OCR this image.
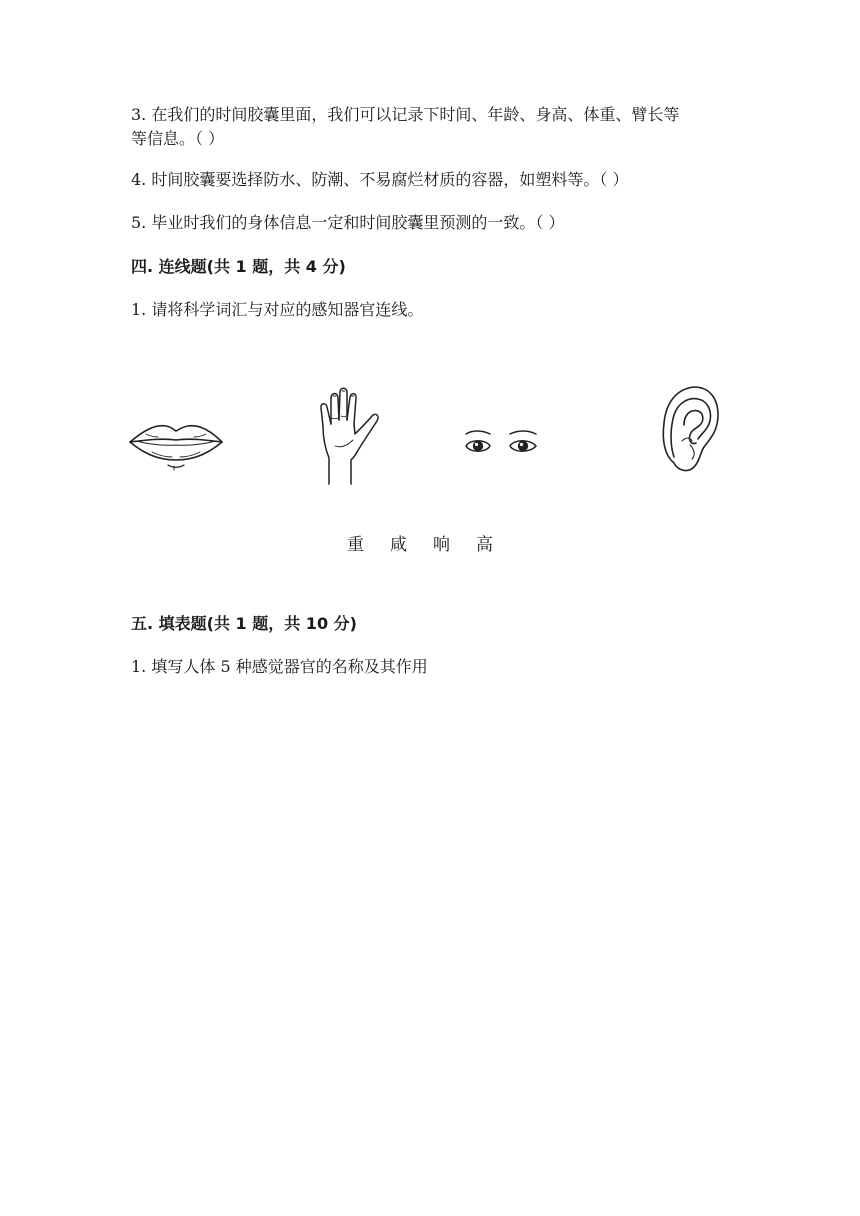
3. 在我们的时间胶囊里面，我们可以记录下时间、年龄、身高、体重、臂长等
等信息。（ ）
4. 时间胶囊要选择防水、防潮、不易腐烂材质的容器，如塑料等。（ ）
5. 毕业时我们的身体信息一定和时间胶囊里预测的一致。（ ）
四. 连线题(共 1 题，共 4 分)
1. 请将科学词汇与对应的感知器官连线。
重 咸 响 高
五. 填表题(共 1 题，共 10 分)
1. 填写人体 5 种感觉器官的名称及其作用
